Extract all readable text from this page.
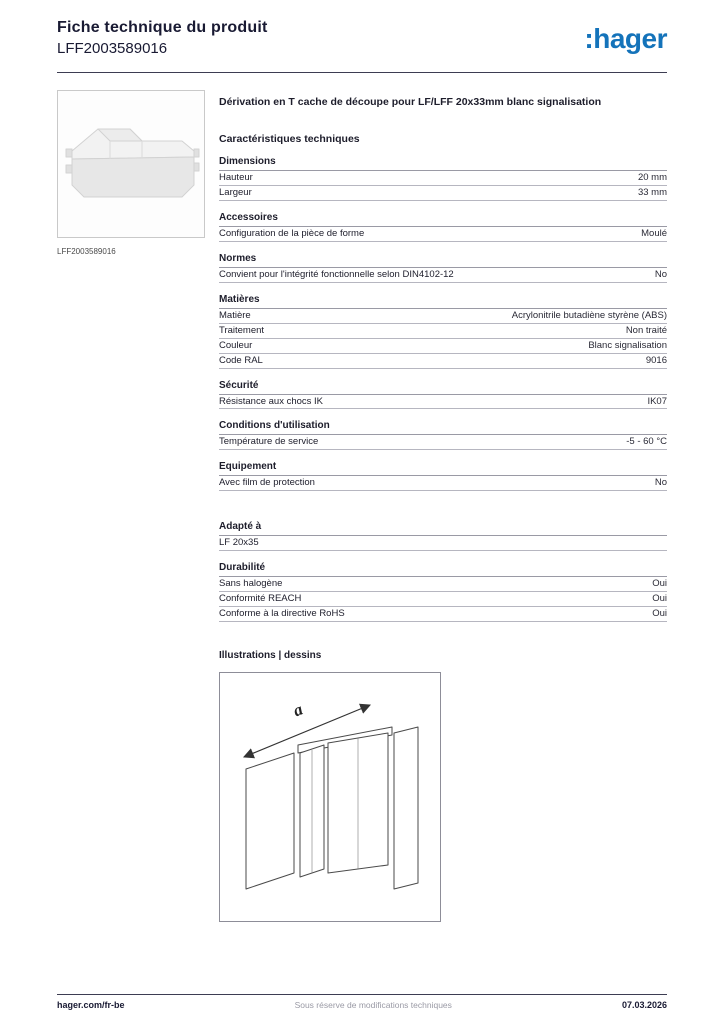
Fiche technique du produit
LFF2003589016	:hager
LFF2003589016
Dérivation en T cache de découpe pour LF/LFF 20x33mm blanc signalisation
Caractéristiques techniques
Dimensions
Hauteur	20 mm
Largeur	33 mm
Accessoires
Configuration de la pièce de forme	Moulé
Normes
Convient pour l'intégrité fonctionnelle selon DIN4102-12	No
Matières
Matière	Acrylonitrile butadiène styrène (ABS)
Traitement	Non traité
Couleur	Blanc signalisation
Code RAL	9016
Sécurité
Résistance aux chocs IK	IK07
Conditions d'utilisation
Température de service	-5 - 60 °C
Equipement
Avec film de protection	No
Adapté à
LF 20x35
Durabilité
Sans halogène	Oui
Conformité REACH	Oui
Conforme à la directive RoHS	Oui
Illustrations | dessins
a
hager.com/fr-be	Sous réserve de modifications techniques	07.03.2026
